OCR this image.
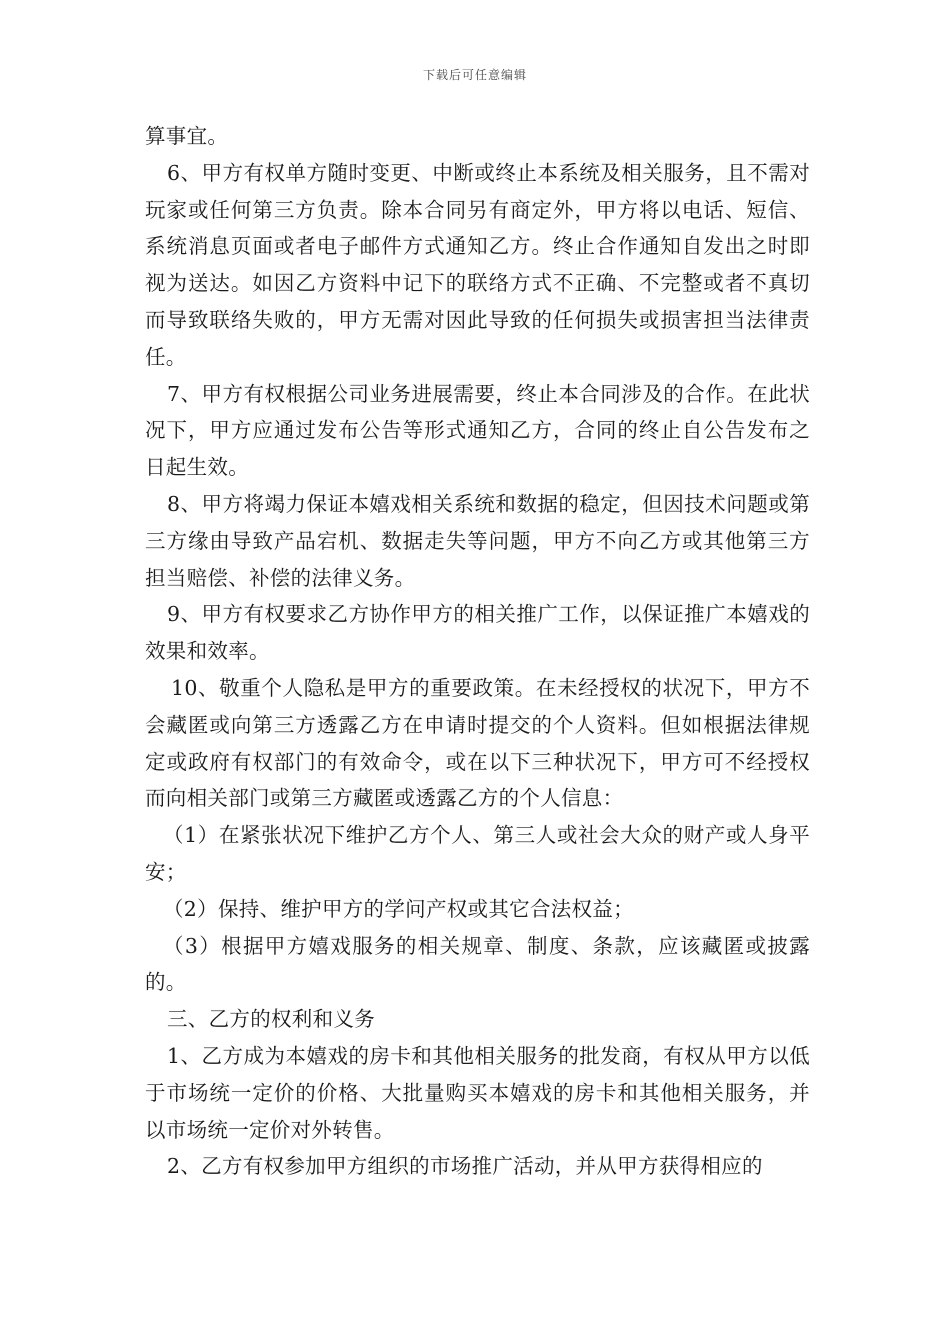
下载后可任意编辑

算事宜。

6、甲方有权单方随时变更、中断或终止本系统及相关服务，且不需对玩家或任何第三方负责。除本合同另有商定外，甲方将以电话、短信、系统消息页面或者电子邮件方式通知乙方。终止合作通知自发出之时即视为送达。如因乙方资料中记下的联络方式不正确、不完整或者不真切而导致联络失败的，甲方无需对因此导致的任何损失或损害担当法律责任。

7、甲方有权根据公司业务进展需要，终止本合同涉及的合作。在此状况下，甲方应通过发布公告等形式通知乙方，合同的终止自公告发布之日起生效。

8、甲方将竭力保证本嬉戏相关系统和数据的稳定，但因技术问题或第三方缘由导致产品宕机、数据走失等问题，甲方不向乙方或其他第三方担当赔偿、补偿的法律义务。

9、甲方有权要求乙方协作甲方的相关推广工作，以保证推广本嬉戏的效果和效率。

10、敬重个人隐私是甲方的重要政策。在未经授权的状况下，甲方不会藏匿或向第三方透露乙方在申请时提交的个人资料。但如根据法律规定或政府有权部门的有效命令，或在以下三种状况下，甲方可不经授权而向相关部门或第三方藏匿或透露乙方的个人信息：

（1）在紧张状况下维护乙方个人、第三人或社会大众的财产或人身平安；

（2）保持、维护甲方的学问产权或其它合法权益；

（3）根据甲方嬉戏服务的相关规章、制度、条款，应该藏匿或披露的。

三、乙方的权利和义务

1、乙方成为本嬉戏的房卡和其他相关服务的批发商，有权从甲方以低于市场统一定价的价格、大批量购买本嬉戏的房卡和其他相关服务，并以市场统一定价对外转售。

2、乙方有权参加甲方组织的市场推广活动，并从甲方获得相应的
